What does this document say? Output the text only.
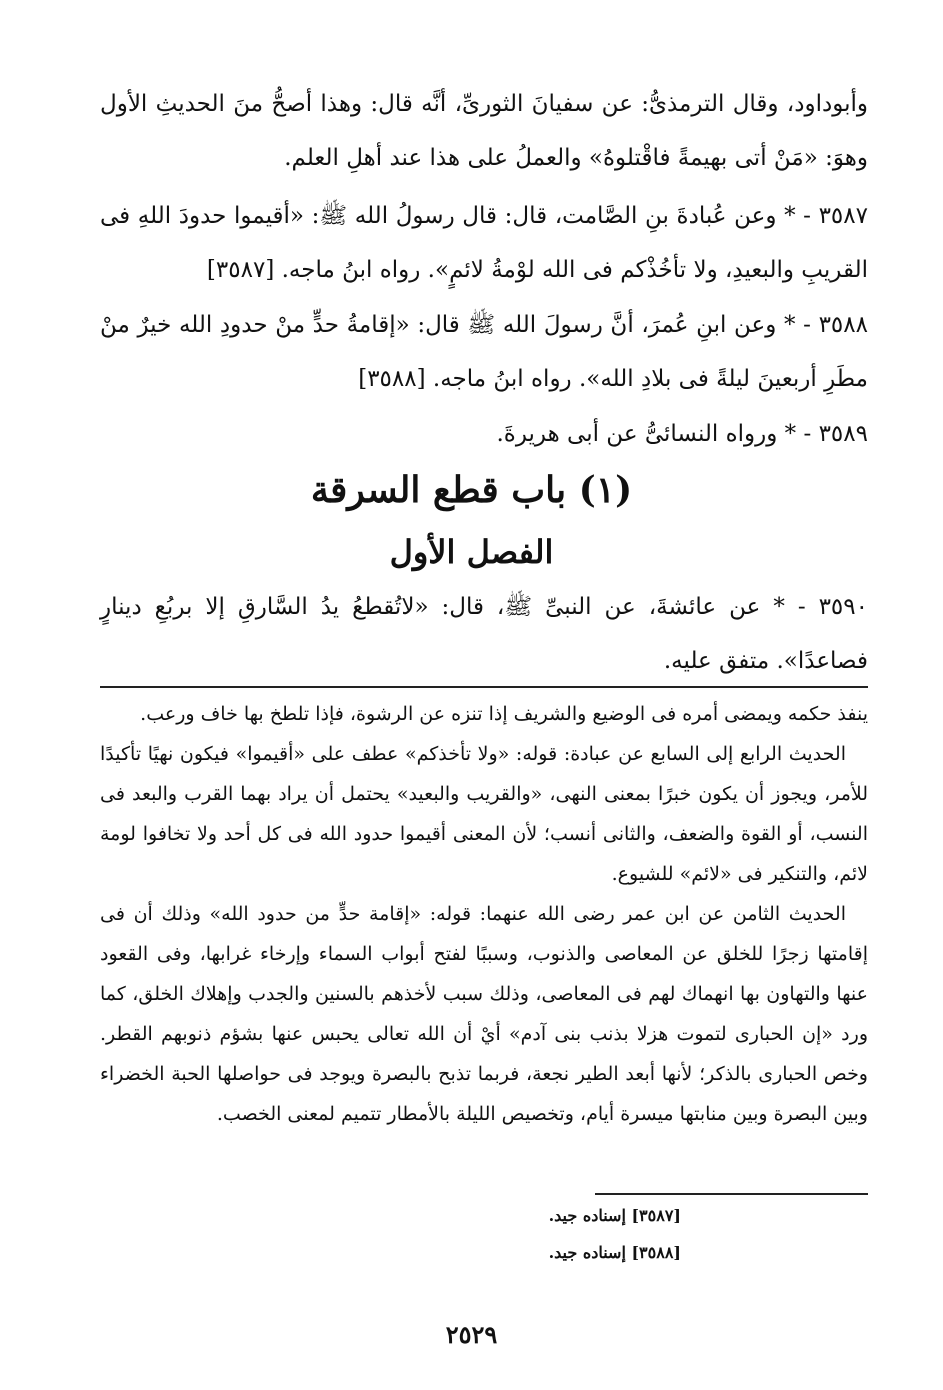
وأبوداود، وقال الترمذىُّ: عن سفيانَ الثورىِّ، أنَّه قال: وهذا أصحُّ منَ الحديثِ الأول وهوَ: «مَنْ أتى بهيمةً فاقْتلوهُ» والعملُ على هذا عند أهلِ العلم.
٣٥٨٧ - * وعن عُبادةَ بنِ الصَّامت، قال: قال رسولُ الله ﷺ: «أقيموا حدودَ اللهِ فى القريبِ والبعيدِ، ولا تأخُذْكم فى الله لوْمةُ لائمٍ». رواه ابنُ ماجه. [٣٥٨٧]
٣٥٨٨ - * وعن ابنِ عُمرَ، أنَّ رسولَ الله ﷺ قال: «إقامةُ حدٍّ منْ حدودِ الله خيرٌ منْ مطَرِ أربعينَ ليلةً فى بلادِ الله». رواه ابنُ ماجه. [٣٥٨٨]
٣٥٨٩ - * ورواه النسائىُّ عن أبى هريرةَ.
(١) باب قطع السرقة
الفصل الأول
٣٥٩٠ - * عن عائشةَ، عن النبىِّ ﷺ، قال: «لاتُقطعُ يدُ السَّارقِ إلا بربُعِ دينارٍ فصاعدًا». متفق عليه.

ينفذ حكمه ويمضى أمره فى الوضيع والشريف إذا تنزه عن الرشوة، فإذا تلطخ بها خاف ورعب.

الحديث الرابع إلى السابع عن عبادة: قوله: «ولا تأخذكم» عطف على «أقيموا» فيكون نهيًا تأكيدًا للأمر، ويجوز أن يكون خبرًا بمعنى النهى، «والقريب والبعيد» يحتمل أن يراد بهما القرب والبعد فى النسب، أو القوة والضعف، والثانى أنسب؛ لأن المعنى أقيموا حدود الله فى كل أحد ولا تخافوا لومة لائم، والتنكير فى «لائم» للشيوع.

الحديث الثامن عن ابن عمر رضى الله عنهما: قوله: «إقامة حدٍّ من حدود الله» وذلك أن فى إقامتها زجرًا للخلق عن المعاصى والذنوب، وسببًا لفتح أبواب السماء وإرخاء غرابها، وفى القعود عنها والتهاون بها انهماك لهم فى المعاصى، وذلك سبب لأخذهم بالسنين والجدب وإهلاك الخلق، كما ورد «إن الحبارى لتموت هزلا بذنب بنى آدم» أيْ أن الله تعالى يحبس عنها بشؤم ذنوبهم القطر. وخص الحبارى بالذكر؛ لأنها أبعد الطير نجعة، فربما تذبح بالبصرة ويوجد فى حواصلها الحبة الخضراء وبين البصرة وبين منابتها ميسرة أيام، وتخصيص الليلة بالأمطار تتميم لمعنى الخصب.

[٣٥٨٧] إسناده جيد.
[٣٥٨٨] إسناده جيد.
٢٥٢٩
